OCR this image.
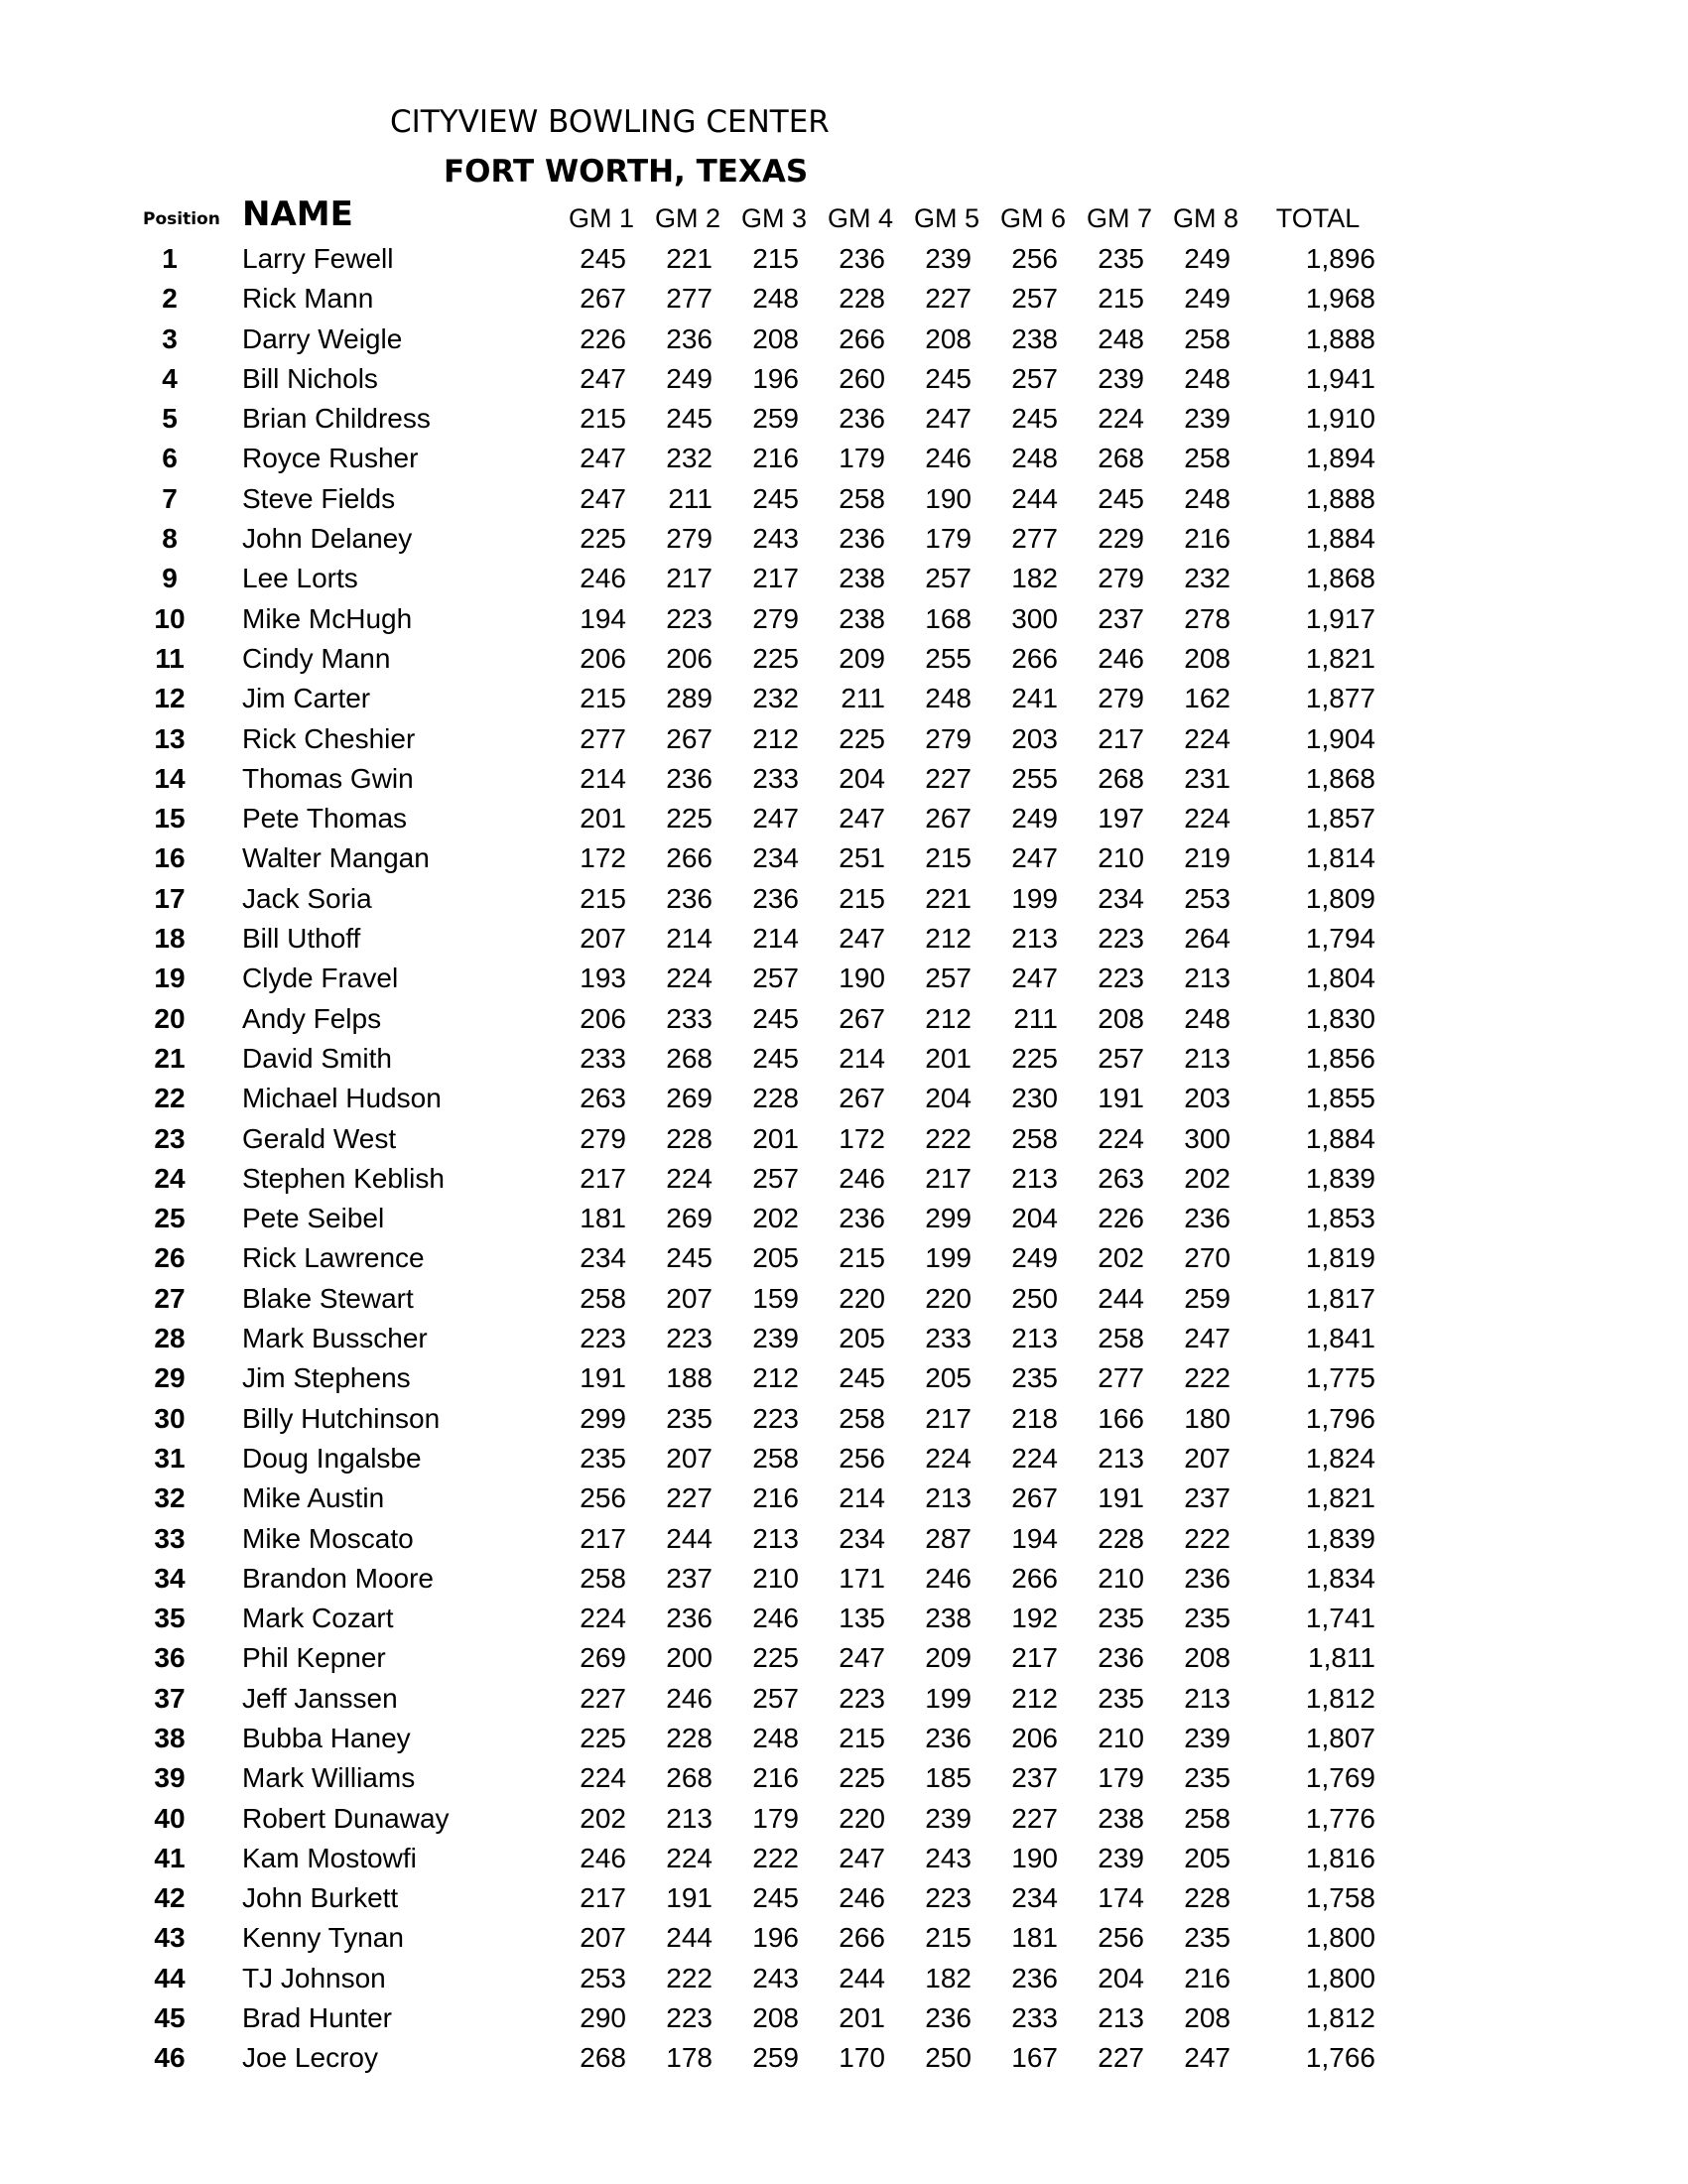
CITYVIEW BOWLING CENTER
FORT WORTH, TEXAS
Position NAME	GM 1 GM 2 GM 3 GM 4 GM 5 GM 6 GM 7 GM 8	TOTAL
1	Larry Fewell	245	221	215	236	239	256	235	249	1,896
2	Rick Mann	267	277	248	228	227	257	215	249	1,968
3	Darry Weigle	226	236	208	266	208	238	248	258	1,888
4	Bill Nichols	247	249	196	260	245	257	239	248	1,941
5	Brian Childress	215	245	259	236	247	245	224	239	1,910
6	Royce Rusher	247	232	216	179	246	248	268	258	1,894
7	Steve Fields	247	211	245	258	190	244	245	248	1,888
8	John Delaney	225	279	243	236	179	277	229	216	1,884
9	Lee Lorts	246	217	217	238	257	182	279	232	1,868
10	Mike McHugh	194	223	279	238	168	300	237	278	1,917
11	Cindy Mann	206	206	225	209	255	266	246	208	1,821
12	Jim Carter	215	289	232	211	248	241	279	162	1,877
13	Rick Cheshier	277	267	212	225	279	203	217	224	1,904
14	Thomas Gwin	214	236	233	204	227	255	268	231	1,868
15	Pete Thomas	201	225	247	247	267	249	197	224	1,857
16	Walter Mangan	172	266	234	251	215	247	210	219	1,814
17	Jack Soria	215	236	236	215	221	199	234	253	1,809
18	Bill Uthoff	207	214	214	247	212	213	223	264	1,794
19	Clyde Fravel	193	224	257	190	257	247	223	213	1,804
20	Andy Felps	206	233	245	267	212	211	208	248	1,830
21	David Smith	233	268	245	214	201	225	257	213	1,856
22	Michael Hudson	263	269	228	267	204	230	191	203	1,855
23	Gerald West	279	228	201	172	222	258	224	300	1,884
24	Stephen Keblish	217	224	257	246	217	213	263	202	1,839
25	Pete Seibel	181	269	202	236	299	204	226	236	1,853
26	Rick Lawrence	234	245	205	215	199	249	202	270	1,819
27	Blake Stewart	258	207	159	220	220	250	244	259	1,817
28	Mark Busscher	223	223	239	205	233	213	258	247	1,841
29	Jim Stephens	191	188	212	245	205	235	277	222	1,775
30	Billy Hutchinson	299	235	223	258	217	218	166	180	1,796
31	Doug Ingalsbe	235	207	258	256	224	224	213	207	1,824
32	Mike Austin	256	227	216	214	213	267	191	237	1,821
33	Mike Moscato	217	244	213	234	287	194	228	222	1,839
34	Brandon Moore	258	237	210	171	246	266	210	236	1,834
35	Mark Cozart	224	236	246	135	238	192	235	235	1,741
36	Phil Kepner	269	200	225	247	209	217	236	208	1,811
37	Jeff Janssen	227	246	257	223	199	212	235	213	1,812
38	Bubba Haney	225	228	248	215	236	206	210	239	1,807
39	Mark Williams	224	268	216	225	185	237	179	235	1,769
40	Robert Dunaway	202	213	179	220	239	227	238	258	1,776
41	Kam Mostowfi	246	224	222	247	243	190	239	205	1,816
42	John Burkett	217	191	245	246	223	234	174	228	1,758
43	Kenny Tynan	207	244	196	266	215	181	256	235	1,800
44	TJ Johnson	253	222	243	244	182	236	204	216	1,800
45	Brad Hunter	290	223	208	201	236	233	213	208	1,812
46	Joe Lecroy	268	178	259	170	250	167	227	247	1,766
